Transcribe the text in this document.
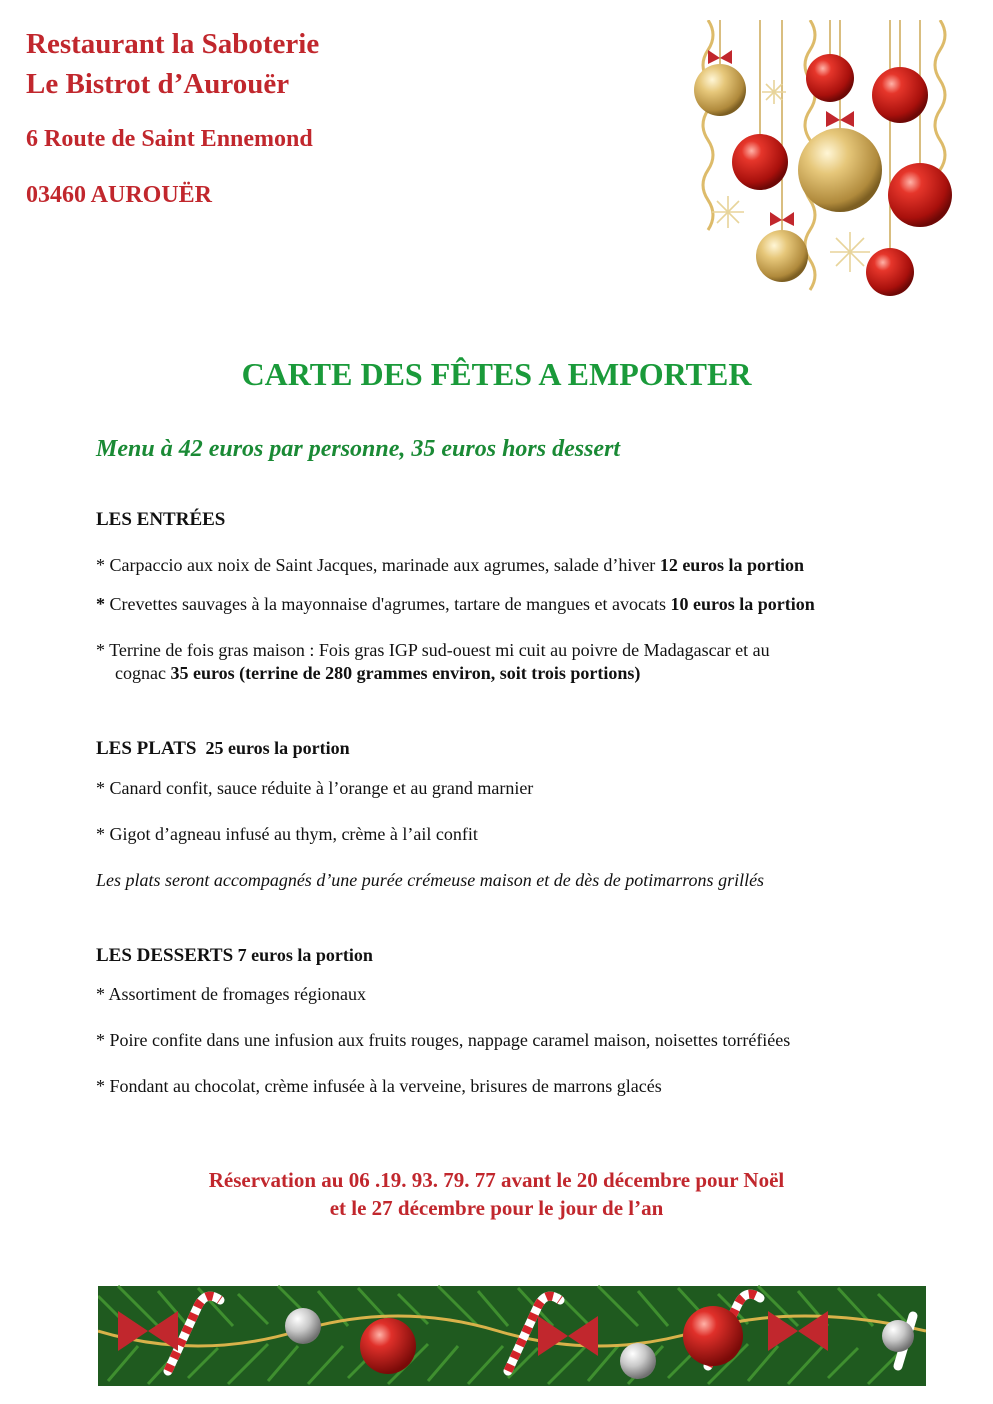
Restaurant la Saboterie

Le Bistrot d’Aurouër

6 Route de Saint Ennemond

03460 AUROUËR

CARTE DES FÊTES A EMPORTER
Menu à 42 euros par personne, 35 euros hors dessert
LES ENTRÉES
* Carpaccio aux noix de Saint Jacques, marinade aux agrumes, salade d’hiver 12 euros la portion
* Crevettes sauvages à la mayonnaise d'agrumes, tartare de mangues et avocats 10 euros la portion
* Terrine de fois gras maison : Fois gras IGP sud-ouest mi cuit au poivre de Madagascar et au
cognac 35 euros (terrine de 280 grammes environ, soit trois portions)
LES PLATS 25 euros la portion
* Canard confit, sauce réduite à l’orange et au grand marnier
* Gigot d’agneau infusé au thym, crème à l’ail confit
Les plats seront accompagnés d’une purée crémeuse maison et de dès de potimarrons grillés
LES DESSERTS 7 euros la portion
* Assortiment de fromages régionaux
* Poire confite dans une infusion aux fruits rouges, nappage caramel maison, noisettes torréfiées
* Fondant au chocolat, crème infusée à la verveine, brisures de marrons glacés
Réservation au 06 .19. 93. 79. 77 avant le 20 décembre pour Noël
et le 27 décembre pour le jour de l’an
